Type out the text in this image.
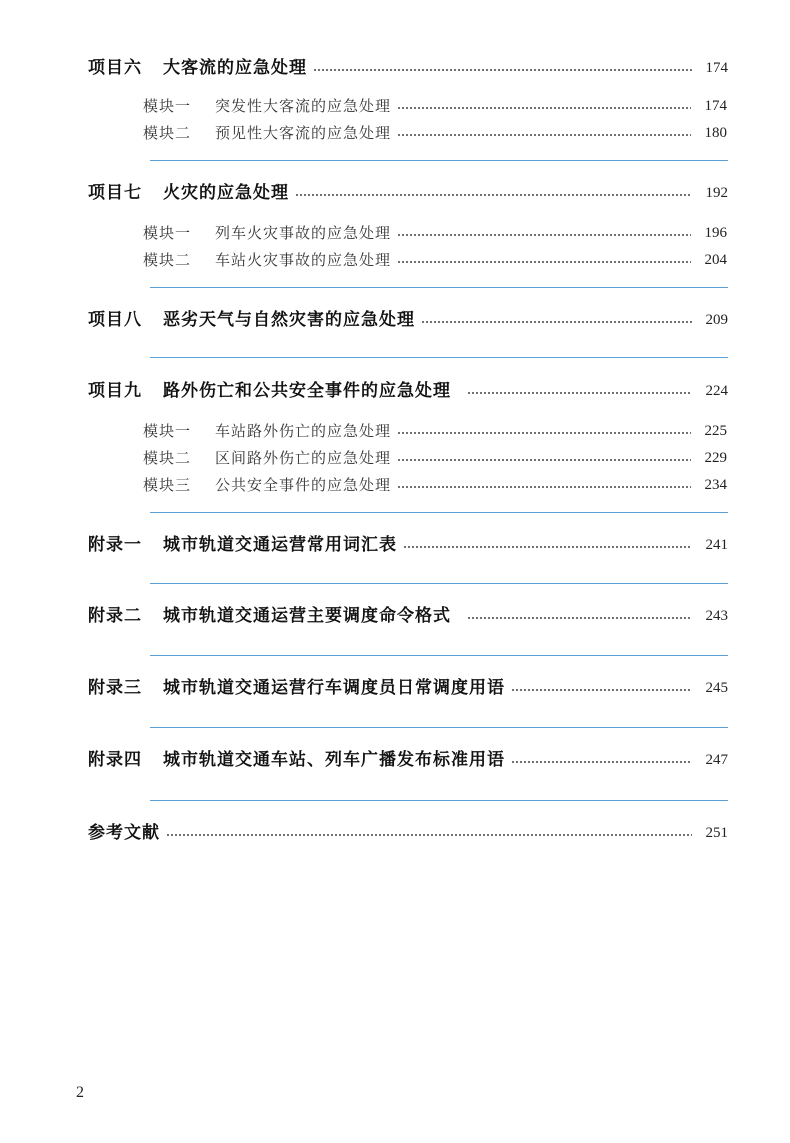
项目六	大客流的应急处理	174
模块一	突发性大客流的应急处理	174
模块二	预见性大客流的应急处理	180
项目七	火灾的应急处理	192
模块一	列车火灾事故的应急处理	196
模块二	车站火灾事故的应急处理	204
项目八	恶劣天气与自然灾害的应急处理	209
项目九	路外伤亡和公共安全事件的应急处理	224
模块一	车站路外伤亡的应急处理	225
模块二	区间路外伤亡的应急处理	229
模块三	公共安全事件的应急处理	234
附录一	城市轨道交通运营常用词汇表	241
附录二	城市轨道交通运营主要调度命令格式	243
附录三	城市轨道交通运营行车调度员日常调度用语	245
附录四	城市轨道交通车站、列车广播发布标准用语	247
参考文献	251
2
